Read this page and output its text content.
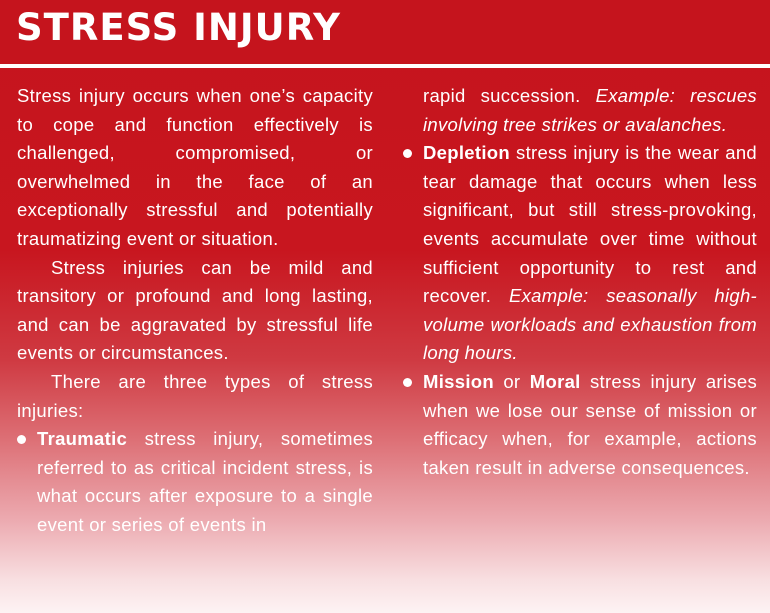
STRESS INJURY

Stress injury occurs when one’s capacity to cope and function effectively is challenged, compromised, or overwhelmed in the face of an exceptionally stressful and potentially traumatizing event or situation.

Stress injuries can be mild and transitory or profound and long lasting, and can be aggravated by stressful life events or circumstances.

There are three types of stress injuries:

Traumatic stress injury, sometimes referred to as critical incident stress, is what occurs after exposure to a single event or series of events in
rapid succession. Example: rescues involving tree strikes or avalanches.
Depletion stress injury is the wear and tear damage that occurs when less significant, but still stress-provoking, events accumulate over time without sufficient opportunity to rest and recover. Example: seasonally high-volume workloads and exhaustion from long hours.
Mission or Moral stress injury arises when we lose our sense of mission or efficacy when, for example, actions taken result in adverse consequences.
